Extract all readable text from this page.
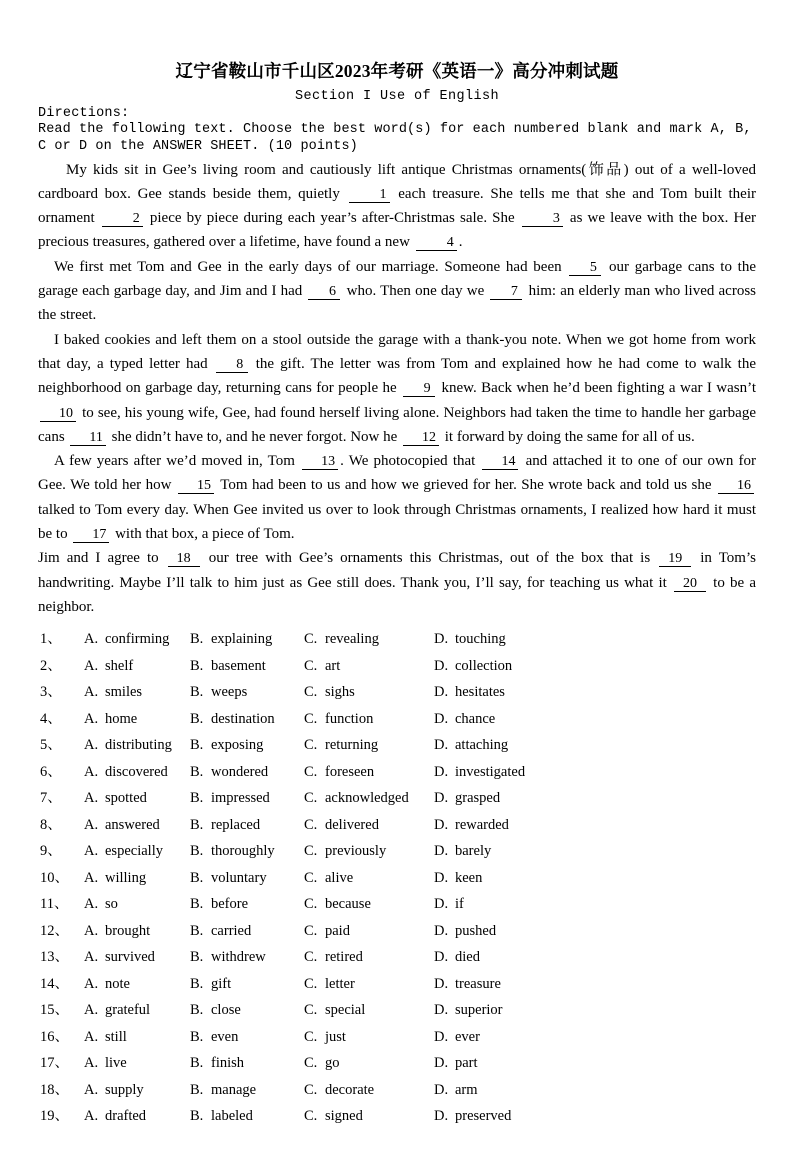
辽宁省鞍山市千山区2023年考研《英语一》高分冲刺试题
Section I Use of English
Directions:
Read the following text. Choose the best word(s) for each numbered blank and mark A, B, C or D on the ANSWER SHEET. (10 points)
My kids sit in Gee’s living room and cautiously lift antique Christmas ornaments(饰品) out of a well-loved cardboard box. Gee stands beside them, quietly 1 each treasure. She tells me that she and Tom built their ornament 2 piece by piece during each year’s after-Christmas sale. She 3 as we leave with the box. Her precious treasures, gathered over a lifetime, have found a new 4 .
We first met Tom and Gee in the early days of our marriage. Someone had been 5 our garbage cans to the garage each garbage day, and Jim and I had 6 who. Then one day we 7 him: an elderly man who lived across the street.
I baked cookies and left them on a stool outside the garage with a thank-you note. When we got home from work that day, a typed letter had 8 the gift. The letter was from Tom and explained how he had come to walk the neighborhood on garbage day, returning cans for people he 9 knew. Back when he’d been fighting a war I wasn’t 10 to see, his young wife, Gee, had found herself living alone. Neighbors had taken the time to handle her garbage cans 11 she didn’t have to, and he never forgot. Now he 12 it forward by doing the same for all of us.
A few years after we’d moved in, Tom 13 . We photocopied that 14 and attached it to one of our own for Gee. We told her how 15 Tom had been to us and how we grieved for her. She wrote back and told us she 16 talked to Tom every day. When Gee invited us over to look through Christmas ornaments, I realized how hard it must be to 17 with that box, a piece of Tom.
Jim and I agree to 18 our tree with Gee’s ornaments this Christmas, out of the box that is 19 in Tom’s handwriting. Maybe I’ll talk to him just as Gee still does. Thank you, I’ll say, for teaching us what it 20 to be a neighbor.
1、	A. confirming	B. explaining	C. revealing	D. touching
2、	A. shelf	B. basement	C. art	D. collection
3、	A. smiles	B. weeps	C. sighs	D. hesitates
4、	A. home	B. destination	C. function	D. chance
5、	A. distributing	B. exposing	C. returning	D. attaching
6、	A. discovered	B. wondered	C. foreseen	D. investigated
7、	A. spotted	B. impressed	C. acknowledged	D. grasped
8、	A. answered	B. replaced	C. delivered	D. rewarded
9、	A. especially	B. thoroughly	C. previously	D. barely
10、	A. willing	B. voluntary	C. alive	D. keen
11、	A. so	B. before	C. because	D. if
12、	A. brought	B. carried	C. paid	D. pushed
13、	A. survived	B. withdrew	C. retired	D. died
14、	A. note	B. gift	C. letter	D. treasure
15、	A. grateful	B. close	C. special	D. superior
16、	A. still	B. even	C. just	D. ever
17、	A. live	B. finish	C. go	D. part
18、	A. supply	B. manage	C. decorate	D. arm
19、	A. drafted	B. labeled	C. signed	D. preserved
